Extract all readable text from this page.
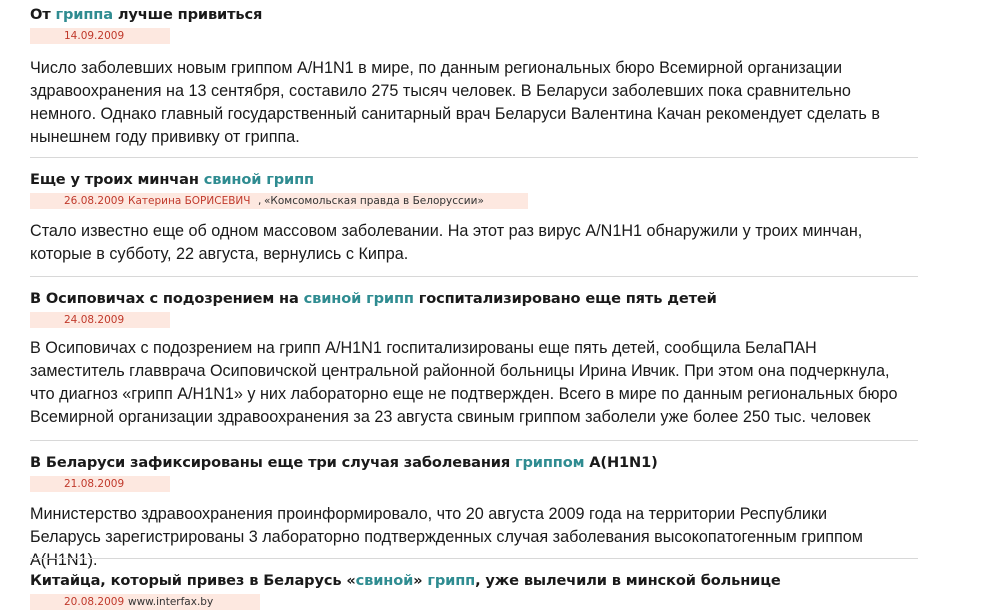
От гриппа лучше привиться
14.09.2009

Число заболевших новым гриппом A/H1N1 в мире, по данным региональных бюро Всемирной организации здравоохранения на 13 сентября, составило 275 тысяч человек. В Беларуси заболевших пока сравнительно немного. Однако главный государственный санитарный врач Беларуси Валентина Качан рекомендует сделать в нынешнем году прививку от гриппа.

Еще у троих минчан свиной грипп
26.08.2009 Катерина БОРИСЕВИЧ , «Комсомольская правда в Белоруссии»

Стало известно еще об одном массовом заболевании. На этот раз вирус A/N1H1 обнаружили у троих минчан, которые в субботу, 22 августа, вернулись с Кипра.

В Осиповичах с подозрением на свиной грипп госпитализировано еще пять детей
24.08.2009

В Осиповичах с подозрением на грипп A/H1N1 госпитализированы еще пять детей, сообщила БелаПАН заместитель главврача Осиповичской центральной районной больницы Ирина Ивчик. При этом она подчеркнула, что диагноз «грипп A/H1N1» у них лабораторно еще не подтвержден. Всего в мире по данным региональных бюро Всемирной организации здравоохранения за 23 августа свиным гриппом заболели уже более 250 тыс. человек

В Беларуси зафиксированы еще три случая заболевания гриппом A(H1N1)
21.08.2009

Министерство здравоохранения проинформировало, что 20 августа 2009 года на территории Республики Беларусь зарегистрированы 3 лабораторно подтвержденных случая заболевания высокопатогенным гриппом A(H1N1).

Китайца, который привез в Беларусь «свиной» грипп, уже вылечили в минской больнице
20.08.2009 www.interfax.by
